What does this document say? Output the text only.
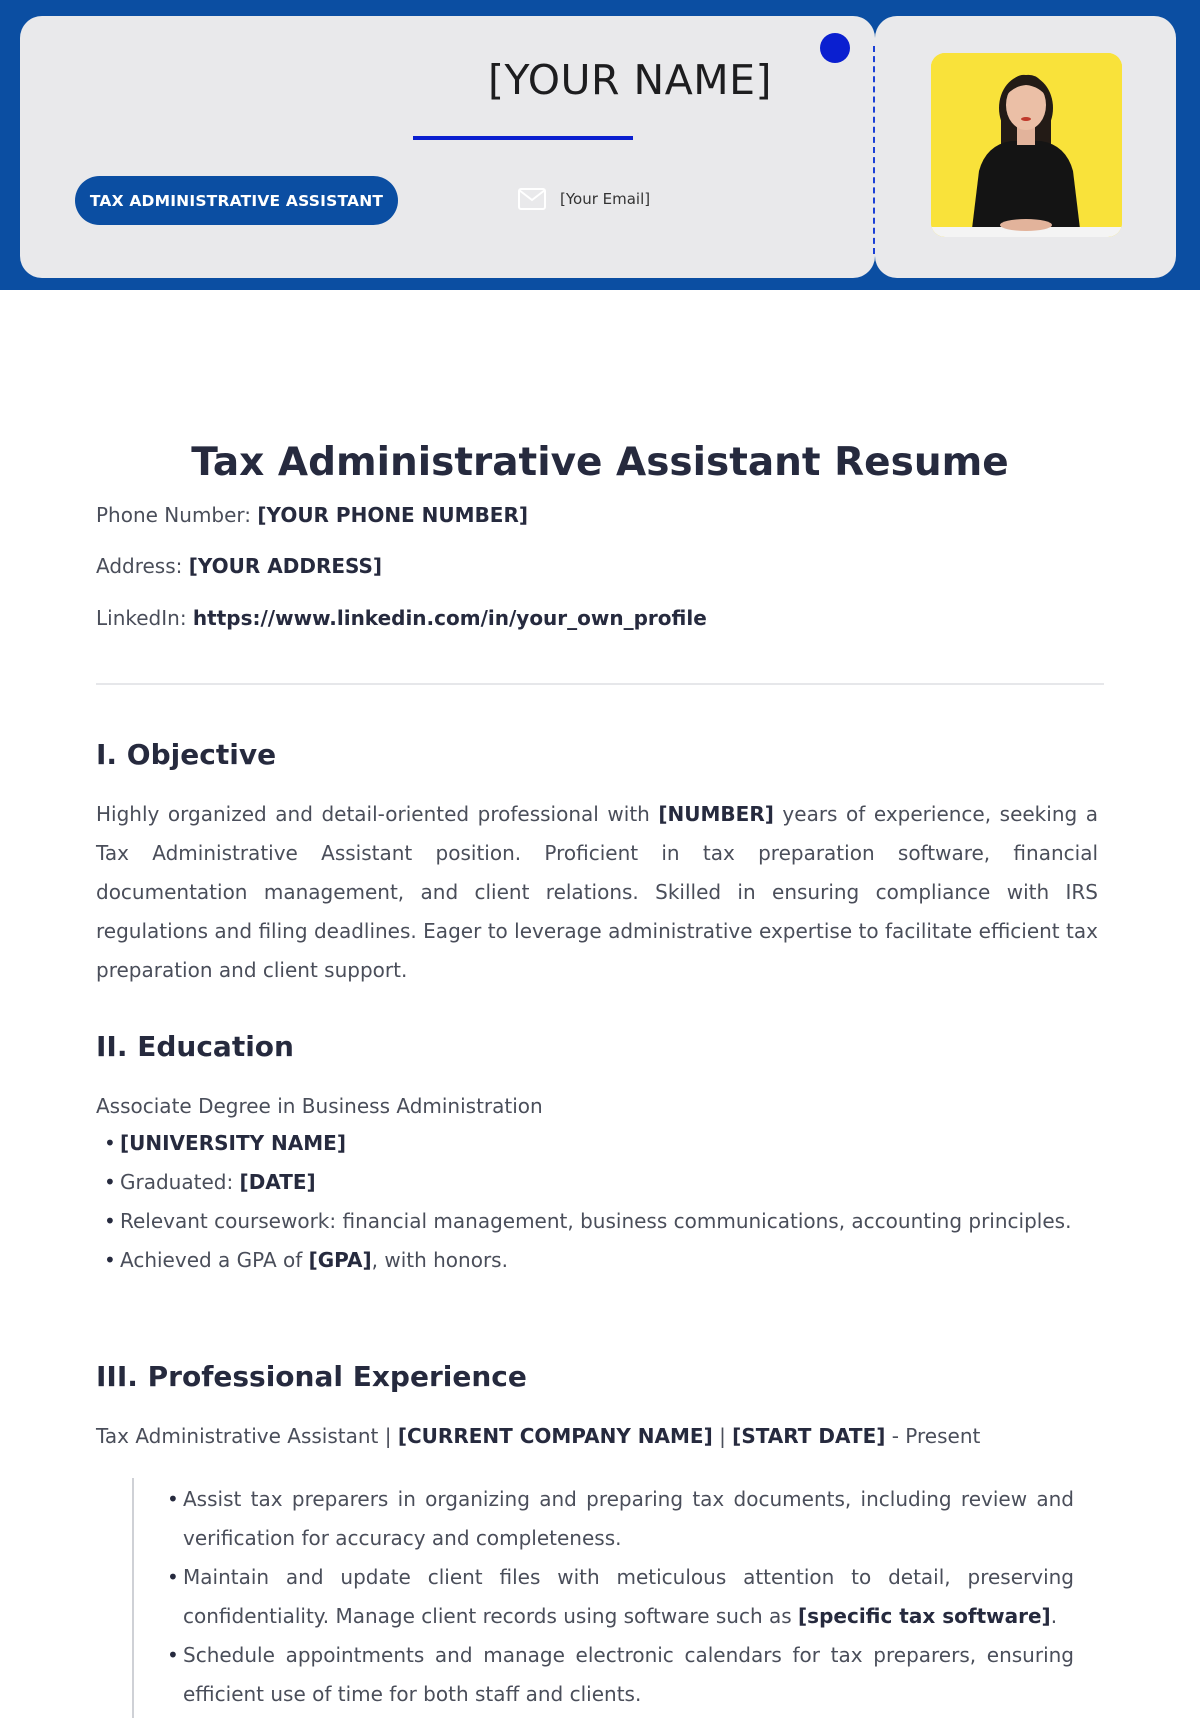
[YOUR NAME]
TAX ADMINISTRATIVE ASSISTANT	[Your Email]
Tax Administrative Assistant Resume
Phone Number: [YOUR PHONE NUMBER]
Address: [YOUR ADDRESS]
LinkedIn: https://www.linkedin.com/in/your_own_profile
I. Objective
Highly organized and detail-oriented professional with [NUMBER] years of experience, seeking a Tax Administrative Assistant position. Proficient in tax preparation software, financial documentation management, and client relations. Skilled in ensuring compliance with IRS regulations and filing deadlines. Eager to leverage administrative expertise to facilitate efficient tax preparation and client support.
II. Education
Associate Degree in Business Administration
• [UNIVERSITY NAME]
• Graduated: [DATE]
• Relevant coursework: financial management, business communications, accounting principles.
• Achieved a GPA of [GPA], with honors.
III. Professional Experience
Tax Administrative Assistant | [CURRENT COMPANY NAME] | [START DATE] - Present
• Assist tax preparers in organizing and preparing tax documents, including review and verification for accuracy and completeness.
• Maintain and update client files with meticulous attention to detail, preserving confidentiality. Manage client records using software such as [specific tax software].
• Schedule appointments and manage electronic calendars for tax preparers, ensuring efficient use of time for both staff and clients.
